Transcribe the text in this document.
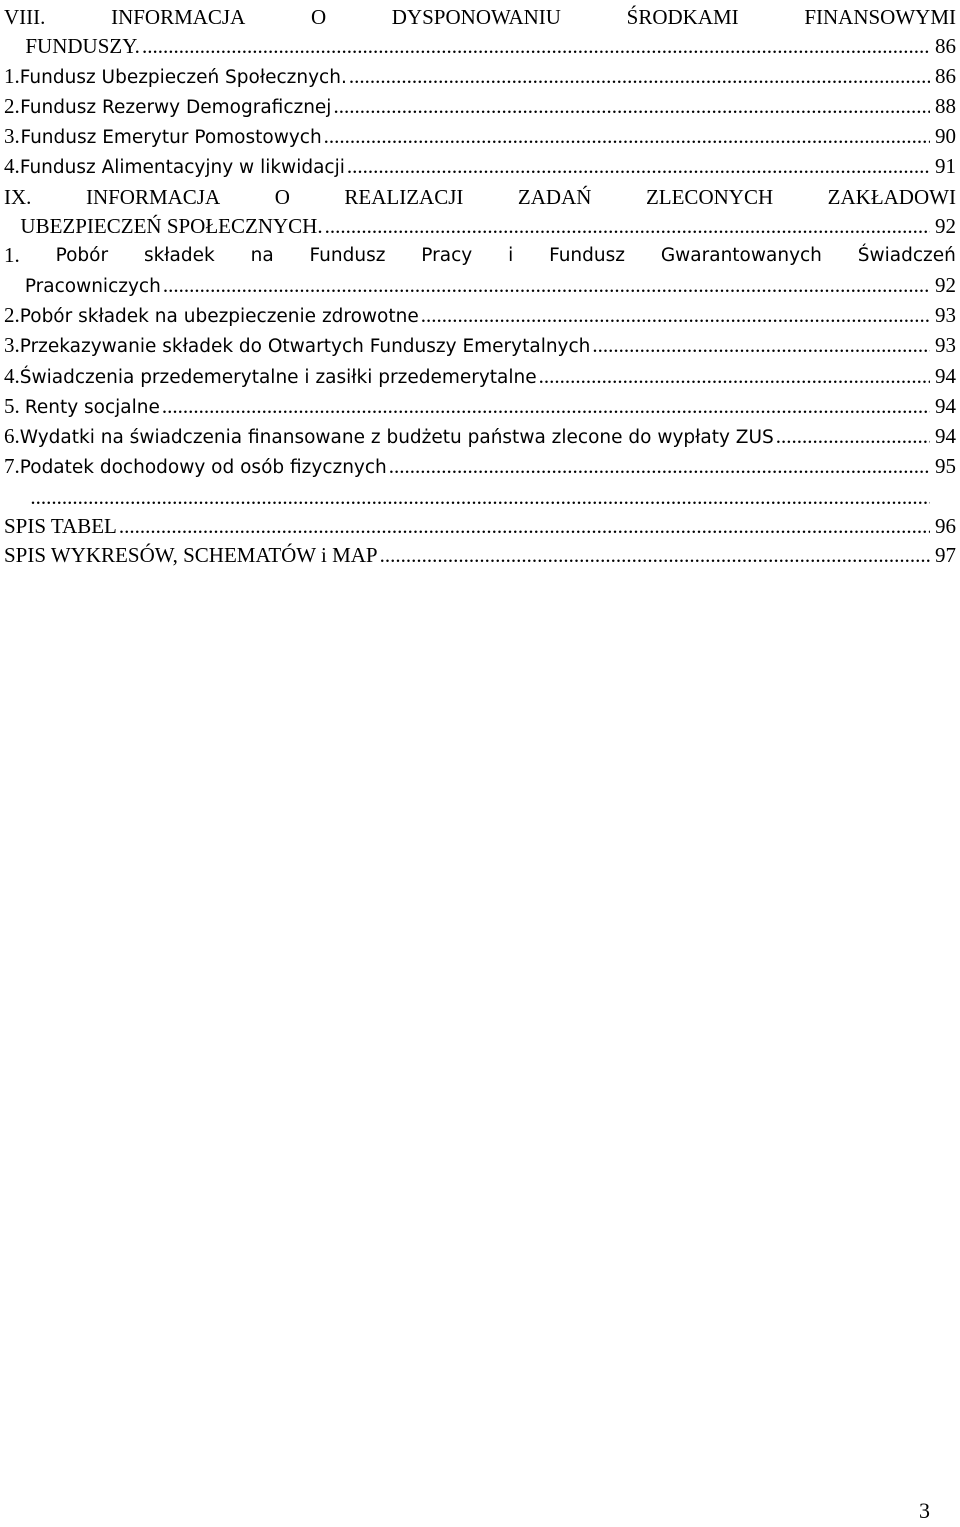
VIII.	INFORMACJA	O	DYSPONOWANIU	ŚRODKAMI	FINANSOWYMI
FUNDUSZY. .....	86
1. Fundusz Ubezpieczeń Społecznych. .....	86
2. Fundusz Rezerwy Demograficznej .....	88
3. Fundusz Emerytur Pomostowych .....	90
4. Fundusz Alimentacyjny w likwidacji .....	91
IX.	INFORMACJA	O	REALIZACJI	ZADAŃ	ZLECONYCH	ZAKŁADOWI
UBEZPIECZEŃ SPOŁECZNYCH. .....	92
1. Pobór składek na Fundusz Pracy i Fundusz Gwarantowanych Świadczeń
Pracowniczych .....	92
2. Pobór składek na ubezpieczenie zdrowotne .....	93
3. Przekazywanie składek do Otwartych Funduszy Emerytalnych .....	93
4. Świadczenia przedemerytalne i zasiłki przedemerytalne .....	94
5. Renty socjalne .....	94
6. Wydatki na świadczenia finansowane z budżetu państwa zlecone do wypłaty ZUS .....	94
7. Podatek dochodowy od osób fizycznych .....	95
.....
SPIS TABEL .....	96
SPIS WYKRESÓW, SCHEMATÓW i MAP .....	97
3
